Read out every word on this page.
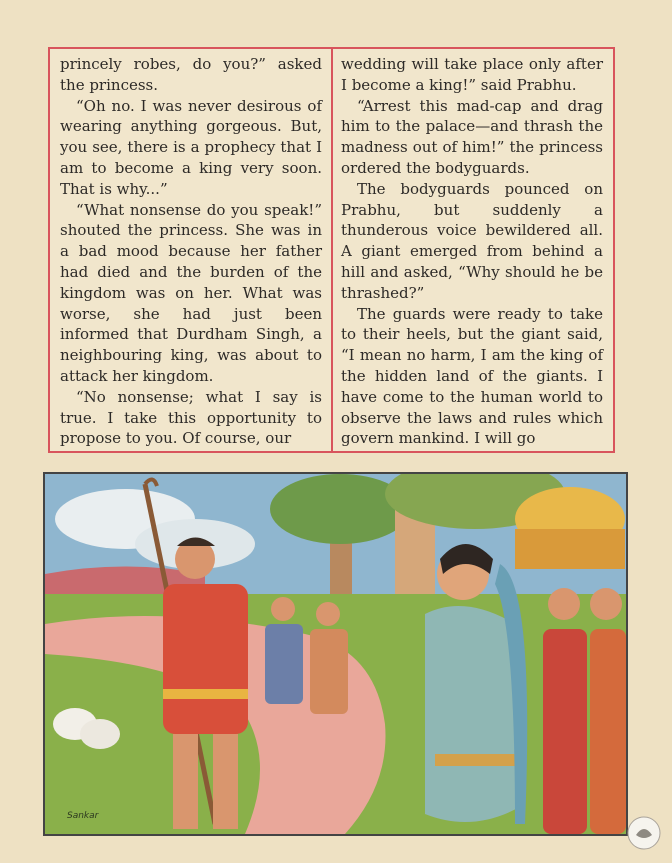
princely robes, do you?” asked the princess.

“Oh no. I was never desirous of wearing anything gorgeous. But, you see, there is a prophecy that I am to become a king very soon. That is why...”

“What nonsense do you speak!” shouted the princess. She was in a bad mood because her father had died and the burden of the kingdom was on her. What was worse, she had just been informed that Durdham Singh, a neighbouring king, was about to attack her kingdom.

“No nonsense; what I say is true. I take this opportunity to propose to you. Of course, our

wedding will take place only after I become a king!” said Prabhu.

“Arrest this mad-cap and drag him to the palace—and thrash the madness out of him!” the princess ordered the bodyguards.

The bodyguards pounced on Prabhu, but suddenly a thunderous voice bewildered all. A giant emerged from behind a hill and asked, “Why should he be thrashed?”

The guards were ready to take to their heels, but the giant said, “I mean no harm, I am the king of the hidden land of the giants. I have come to the human world to observe the laws and rules which govern mankind. I will go

Sankar
